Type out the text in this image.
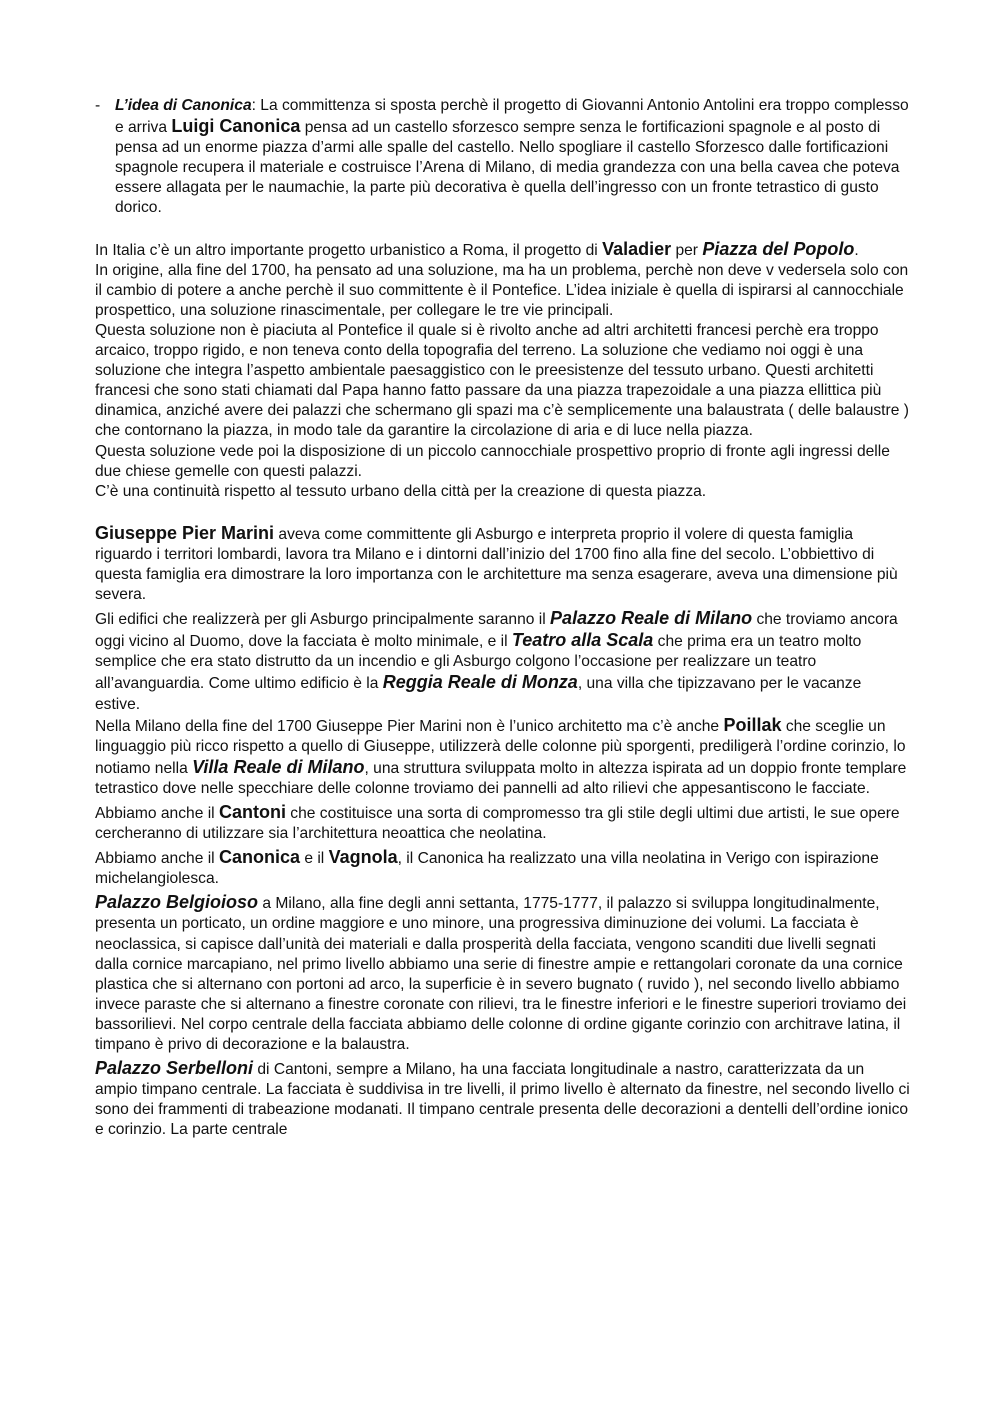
- L’idea di Canonica: La committenza si sposta perchè il progetto di Giovanni Antonio Antolini era troppo complesso e arriva Luigi Canonica pensa ad un castello sforzesco sempre senza le fortificazioni spagnole e al posto di pensa ad un enorme piazza d’armi alle spalle del castello. Nello spogliare il castello Sforzesco dalle fortificazioni spagnole recupera il materiale e costruisce l’Arena di Milano, di media grandezza con una bella cavea che poteva essere allagata per le naumachie, la parte più decorativa è quella dell’ingresso con un fronte tetrastico di gusto dorico.

In Italia c’è un altro importante progetto urbanistico a Roma, il progetto di Valadier per Piazza del Popolo.

In origine, alla fine del 1700, ha pensato ad una soluzione, ma ha un problema, perchè non deve v vedersela solo con il cambio di potere a anche perchè il suo committente è il Pontefice. L’idea iniziale è quella di ispirarsi al cannocchiale prospettico, una soluzione rinascimentale, per collegare le tre vie principali.

Questa soluzione non è piaciuta al Pontefice il quale si è rivolto anche ad altri architetti francesi perchè era troppo arcaico, troppo rigido, e non teneva conto della topografia del terreno. La soluzione che vediamo noi oggi è una soluzione che integra l’aspetto ambientale paesaggistico con le preesistenze del tessuto urbano. Questi architetti francesi che sono stati chiamati dal Papa hanno fatto passare da una piazza trapezoidale a una piazza ellittica più dinamica, anziché avere dei palazzi che schermano gli spazi ma c’è semplicemente una balaustrata ( delle balaustre ) che contornano la piazza, in modo tale da garantire la circolazione di aria e di luce nella piazza.

Questa soluzione vede poi la disposizione di un piccolo cannocchiale prospettivo proprio di fronte agli ingressi delle due chiese gemelle con questi palazzi.

C’è una continuità rispetto al tessuto urbano della città per la creazione di questa piazza.

Giuseppe Pier Marini aveva come committente gli Asburgo e interpreta proprio il volere di questa famiglia riguardo i territori lombardi, lavora tra Milano e i dintorni dall’inizio del 1700 fino alla fine del secolo. L’obbiettivo di questa famiglia era dimostrare la loro importanza con le architetture ma senza esagerare, aveva una dimensione più severa.

Gli edifici che realizzerà per gli Asburgo principalmente saranno il Palazzo Reale di Milano che troviamo ancora oggi vicino al Duomo, dove la facciata è molto minimale, e il Teatro alla Scala che prima era un teatro molto semplice che era stato distrutto da un incendio e gli Asburgo colgono l’occasione per realizzare un teatro all’avanguardia. Come ultimo edificio è la Reggia Reale di Monza, una villa che tipizzavano per le vacanze estive.

Nella Milano della fine del 1700 Giuseppe Pier Marini non è l’unico architetto ma c’è anche Poillak che sceglie un linguaggio più ricco rispetto a quello di Giuseppe, utilizzerà delle colonne più sporgenti, prediligerà l’ordine corinzio, lo notiamo nella Villa Reale di Milano, una struttura sviluppata molto in altezza ispirata ad un doppio fronte templare tetrastico dove nelle specchiare delle colonne troviamo dei pannelli ad alto rilievi che appesantiscono le facciate.

Abbiamo anche il Cantoni che costituisce una sorta di compromesso tra gli stile degli ultimi due artisti, le sue opere cercheranno di utilizzare sia l’architettura neoattica che neolatina.

Abbiamo anche il Canonica e il Vagnola, il Canonica ha realizzato una villa neolatina in Verigo con ispirazione michelangiolesca.

Palazzo Belgioioso a Milano, alla fine degli anni settanta, 1775-1777, il palazzo si sviluppa longitudinalmente, presenta un porticato, un ordine maggiore e uno minore, una progressiva diminuzione dei volumi. La facciata è neoclassica, si capisce dall’unità dei materiali e dalla prosperità della facciata, vengono scanditi due livelli segnati dalla cornice marcapiano, nel primo livello abbiamo una serie di finestre ampie e rettangolari coronate da una cornice plastica che si alternano con portoni ad arco, la superficie è in severo bugnato ( ruvido ), nel secondo livello abbiamo invece paraste che si alternano a finestre coronate con rilievi, tra le finestre inferiori e le finestre superiori troviamo dei bassorilievi. Nel corpo centrale della facciata abbiamo delle colonne di ordine gigante corinzio con architrave latina, il timpano è privo di decorazione e la balaustra.

Palazzo Serbelloni di Cantoni, sempre a Milano, ha una facciata longitudinale a nastro, caratterizzata da un ampio timpano centrale. La facciata è suddivisa in tre livelli, il primo livello è alternato da finestre, nel secondo livello ci sono dei frammenti di trabeazione modanati. Il timpano centrale presenta delle decorazioni a dentelli dell’ordine ionico e corinzio. La parte centrale
